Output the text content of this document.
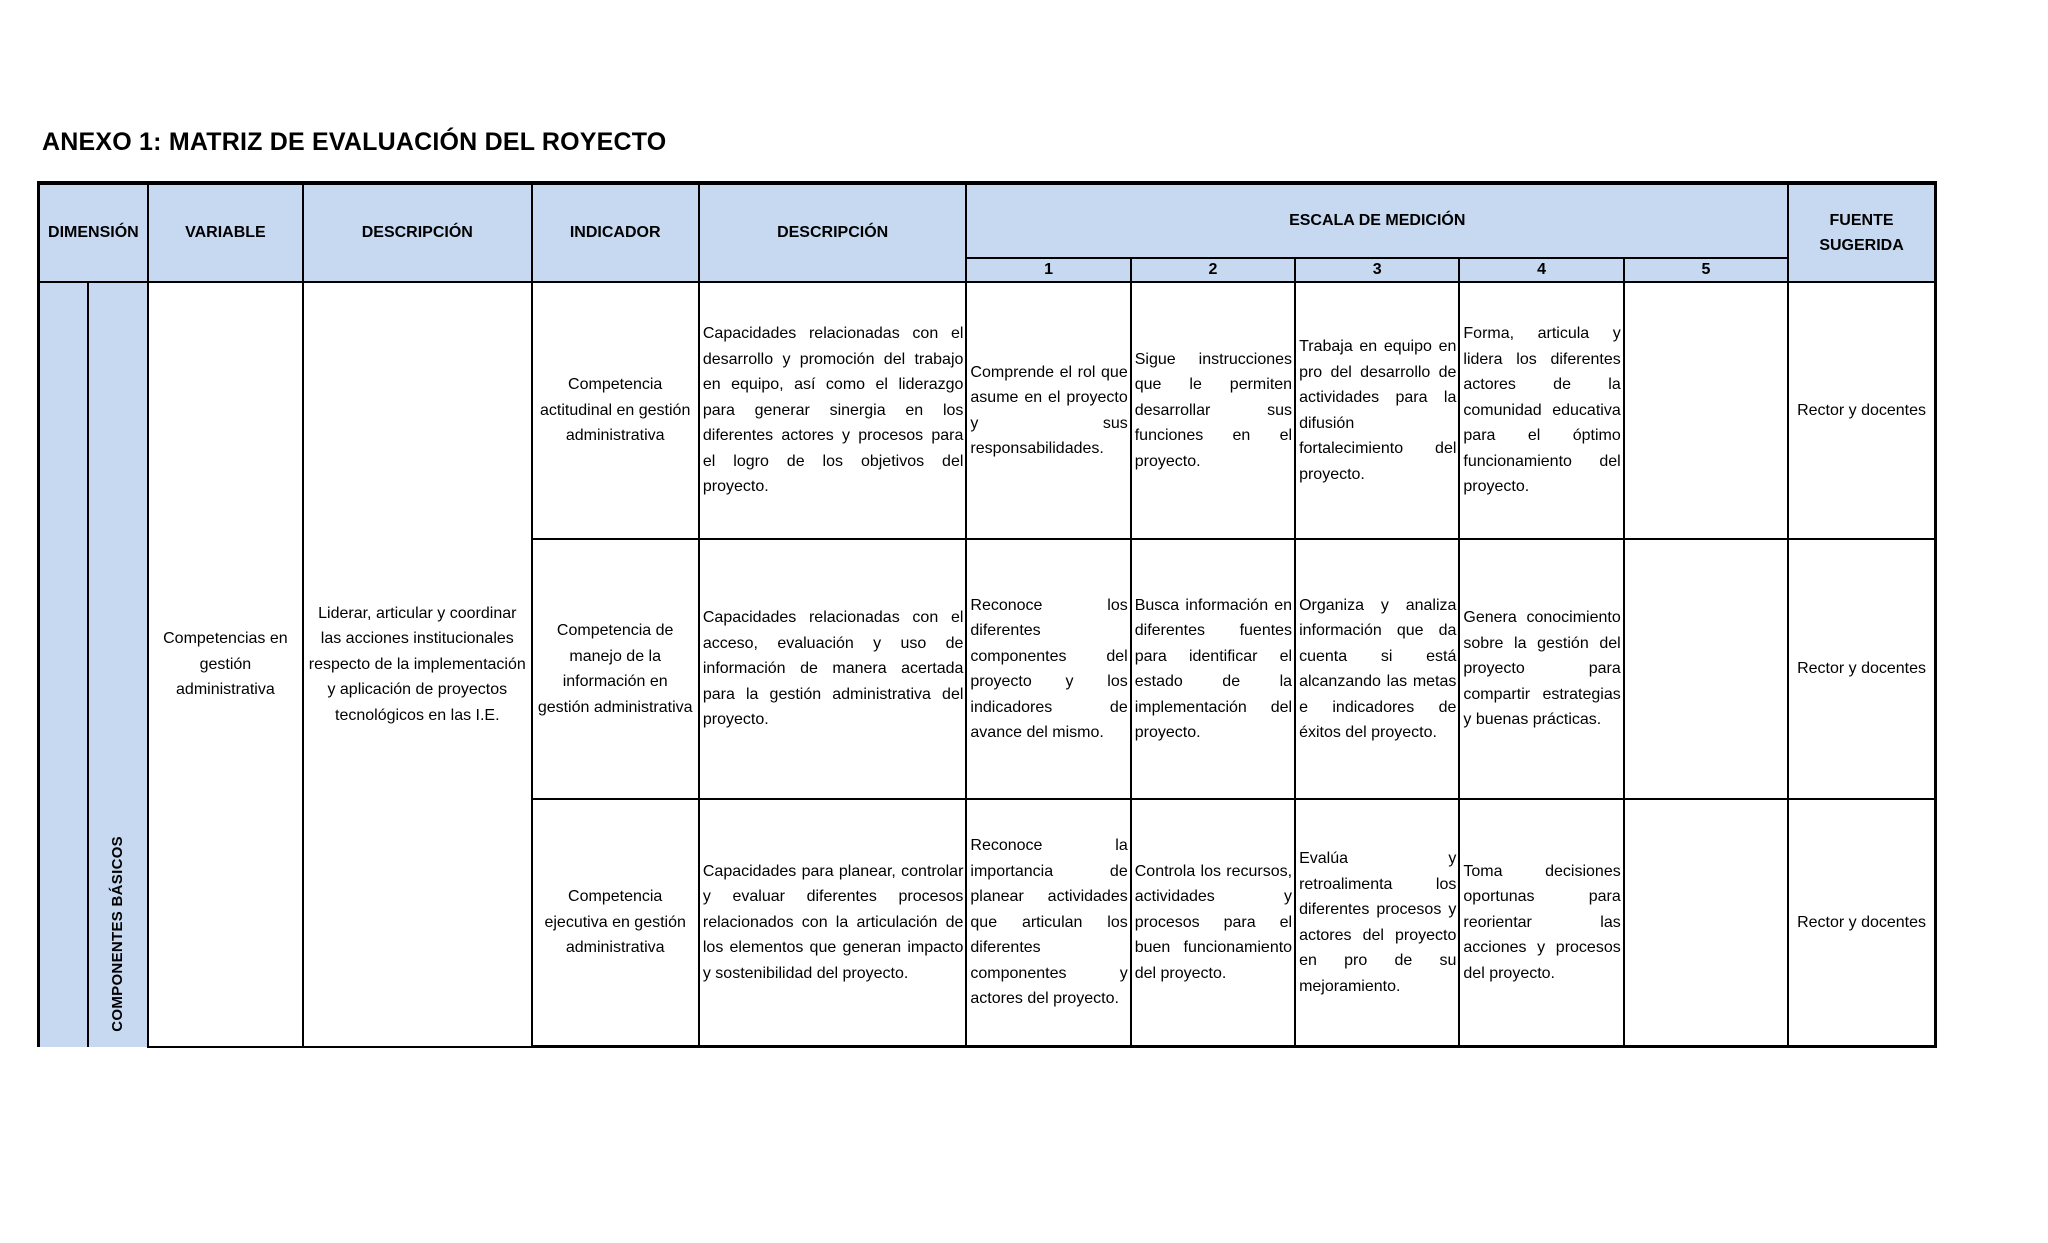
ANEXO 1: MATRIZ DE EVALUACIÓN DEL ROYECTO
DIMENSIÓN		VARIABLE	DESCRIPCIÓN	INDICADOR	DESCRIPCIÓN	ESCALA DE MEDICIÓN					FUENTE SUGERIDA
						1	2	3	4	5	
	COMPONENTES BÁSICOS	Competencias en gestión administrativa	Liderar, articular y coordinar las acciones institucionales respecto de la implementación y aplicación de proyectos tecnológicos en las I.E.	Competencia actitudinal en gestión administrativa	Capacidades relacionadas con el desarrollo y promoción del trabajo en equipo, así como el liderazgo para generar sinergia en los diferentes actores y procesos para el logro de los objetivos del proyecto.	Comprende el rol que asume en el proyecto y sus responsabilidades.	Sigue instrucciones que le permiten desarrollar sus funciones en el proyecto.	Trabaja en equipo en pro del desarrollo de actividades para la difusión fortalecimiento del proyecto.	Forma, articula y lidera los diferentes actores de la comunidad educativa para el óptimo funcionamiento del proyecto.		Rector y docentes
				Competencia de manejo de la información en gestión administrativa	Capacidades relacionadas con el acceso, evaluación y uso de información de manera acertada para la gestión administrativa del proyecto.	Reconoce los diferentes componentes del proyecto y los indicadores de avance del mismo.	Busca información en diferentes fuentes para identificar el estado de la implementación del proyecto.	Organiza y analiza información que da cuenta si está alcanzando las metas e indicadores de éxitos del proyecto.	Genera conocimiento sobre la gestión del proyecto para compartir estrategias y buenas prácticas.		Rector y docentes
				Competencia ejecutiva en gestión administrativa	Capacidades para planear, controlar y evaluar diferentes procesos relacionados con la articulación de los elementos que generan impacto y sostenibilidad del proyecto.	Reconoce la importancia de planear actividades que articulan los diferentes componentes y actores del proyecto.	Controla los recursos, actividades y procesos para el buen funcionamiento del proyecto.	Evalúa y retroalimenta los diferentes procesos y actores del proyecto en pro de su mejoramiento.	Toma decisiones oportunas para reorientar las acciones y procesos del proyecto.		Rector y docentes
